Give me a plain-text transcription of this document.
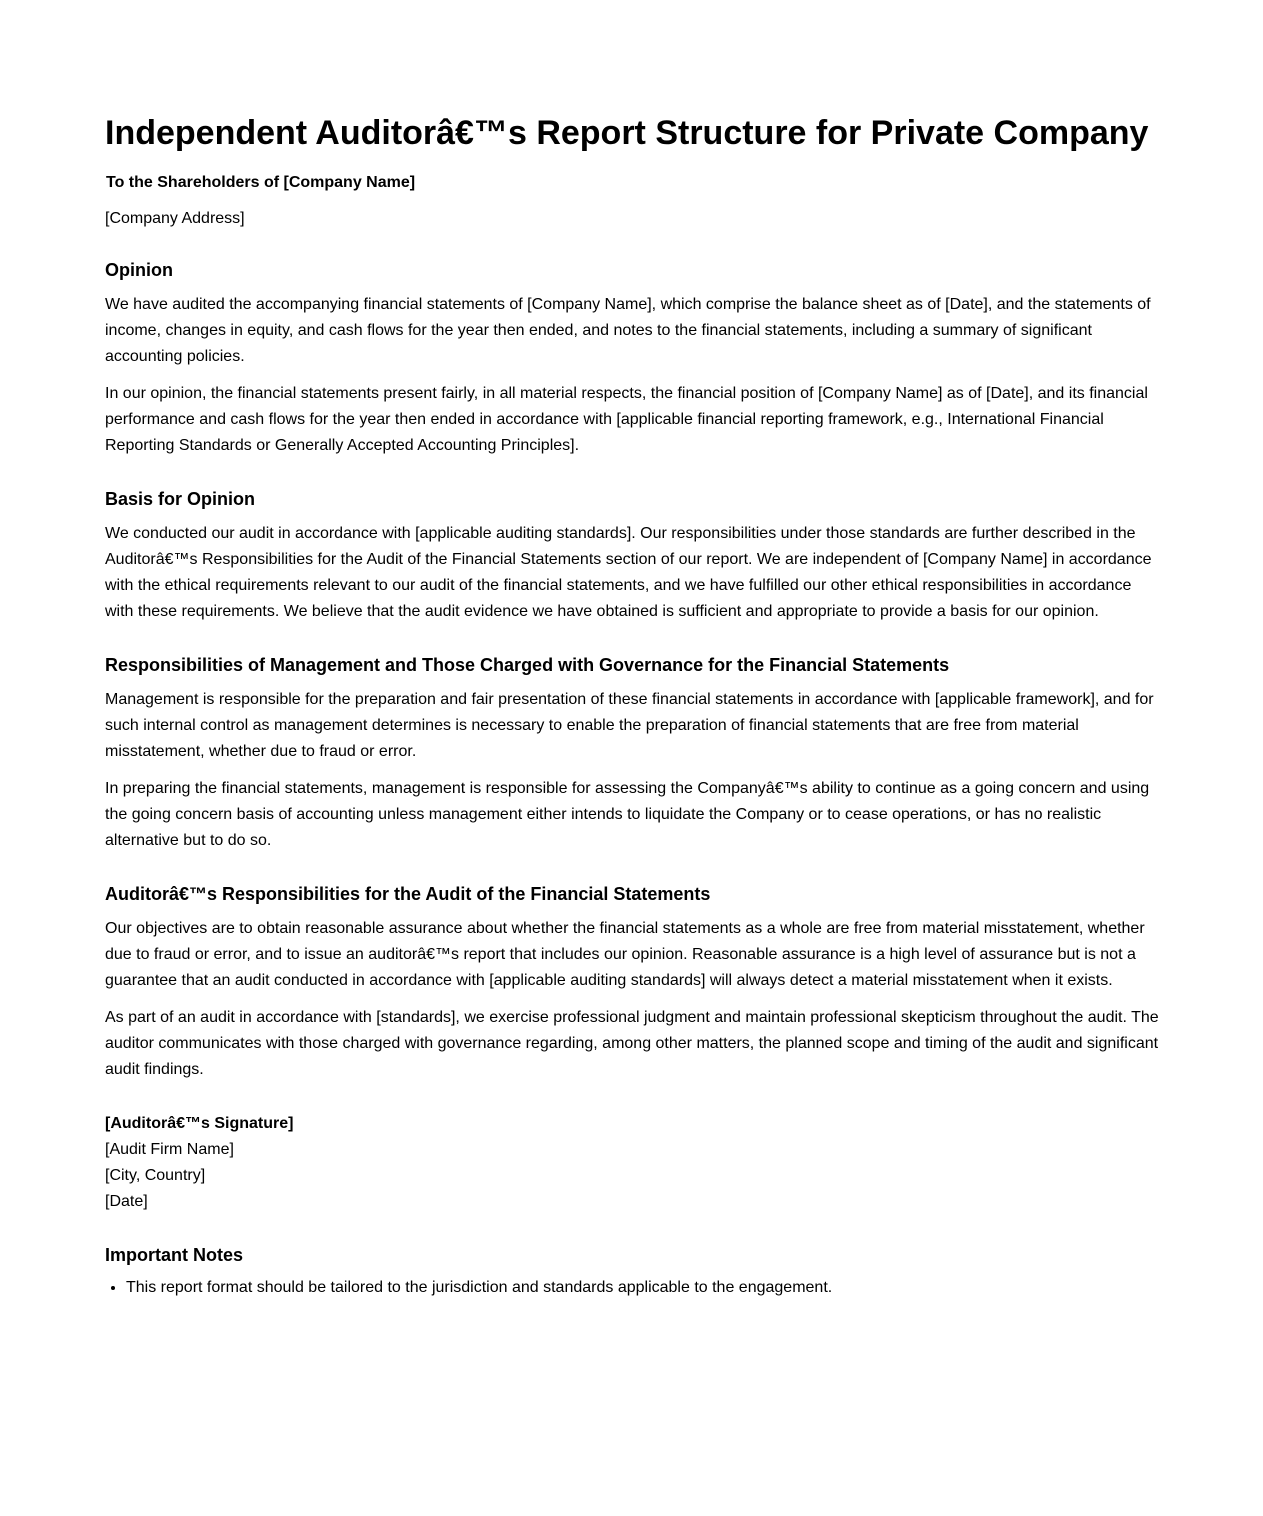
Independent Auditorâ€™s Report Structure for Private Company
To the Shareholders of [Company Name]
[Company Address]
Opinion

We have audited the accompanying financial statements of [Company Name], which comprise the balance sheet as of [Date], and the statements of income, changes in equity, and cash flows for the year then ended, and notes to the financial statements, including a summary of significant accounting policies.

In our opinion, the financial statements present fairly, in all material respects, the financial position of [Company Name] as of [Date], and its financial performance and cash flows for the year then ended in accordance with [applicable financial reporting framework, e.g., International Financial Reporting Standards or Generally Accepted Accounting Principles].

Basis for Opinion

We conducted our audit in accordance with [applicable auditing standards]. Our responsibilities under those standards are further described in the Auditorâ€™s Responsibilities for the Audit of the Financial Statements section of our report. We are independent of [Company Name] in accordance with the ethical requirements relevant to our audit of the financial statements, and we have fulfilled our other ethical responsibilities in accordance with these requirements. We believe that the audit evidence we have obtained is sufficient and appropriate to provide a basis for our opinion.

Responsibilities of Management and Those Charged with Governance for the Financial Statements

Management is responsible for the preparation and fair presentation of these financial statements in accordance with [applicable framework], and for such internal control as management determines is necessary to enable the preparation of financial statements that are free from material misstatement, whether due to fraud or error.

In preparing the financial statements, management is responsible for assessing the Companyâ€™s ability to continue as a going concern and using the going concern basis of accounting unless management either intends to liquidate the Company or to cease operations, or has no realistic alternative but to do so.

Auditorâ€™s Responsibilities for the Audit of the Financial Statements

Our objectives are to obtain reasonable assurance about whether the financial statements as a whole are free from material misstatement, whether due to fraud or error, and to issue an auditorâ€™s report that includes our opinion. Reasonable assurance is a high level of assurance but is not a guarantee that an audit conducted in accordance with [applicable auditing standards] will always detect a material misstatement when it exists.

As part of an audit in accordance with [standards], we exercise professional judgment and maintain professional skepticism throughout the audit. The auditor communicates with those charged with governance regarding, among other matters, the planned scope and timing of the audit and significant audit findings.

[Auditorâ€™s Signature]
[Audit Firm Name]
[City, Country]
[Date]
Important Notes
• This report format should be tailored to the jurisdiction and standards applicable to the engagement.
